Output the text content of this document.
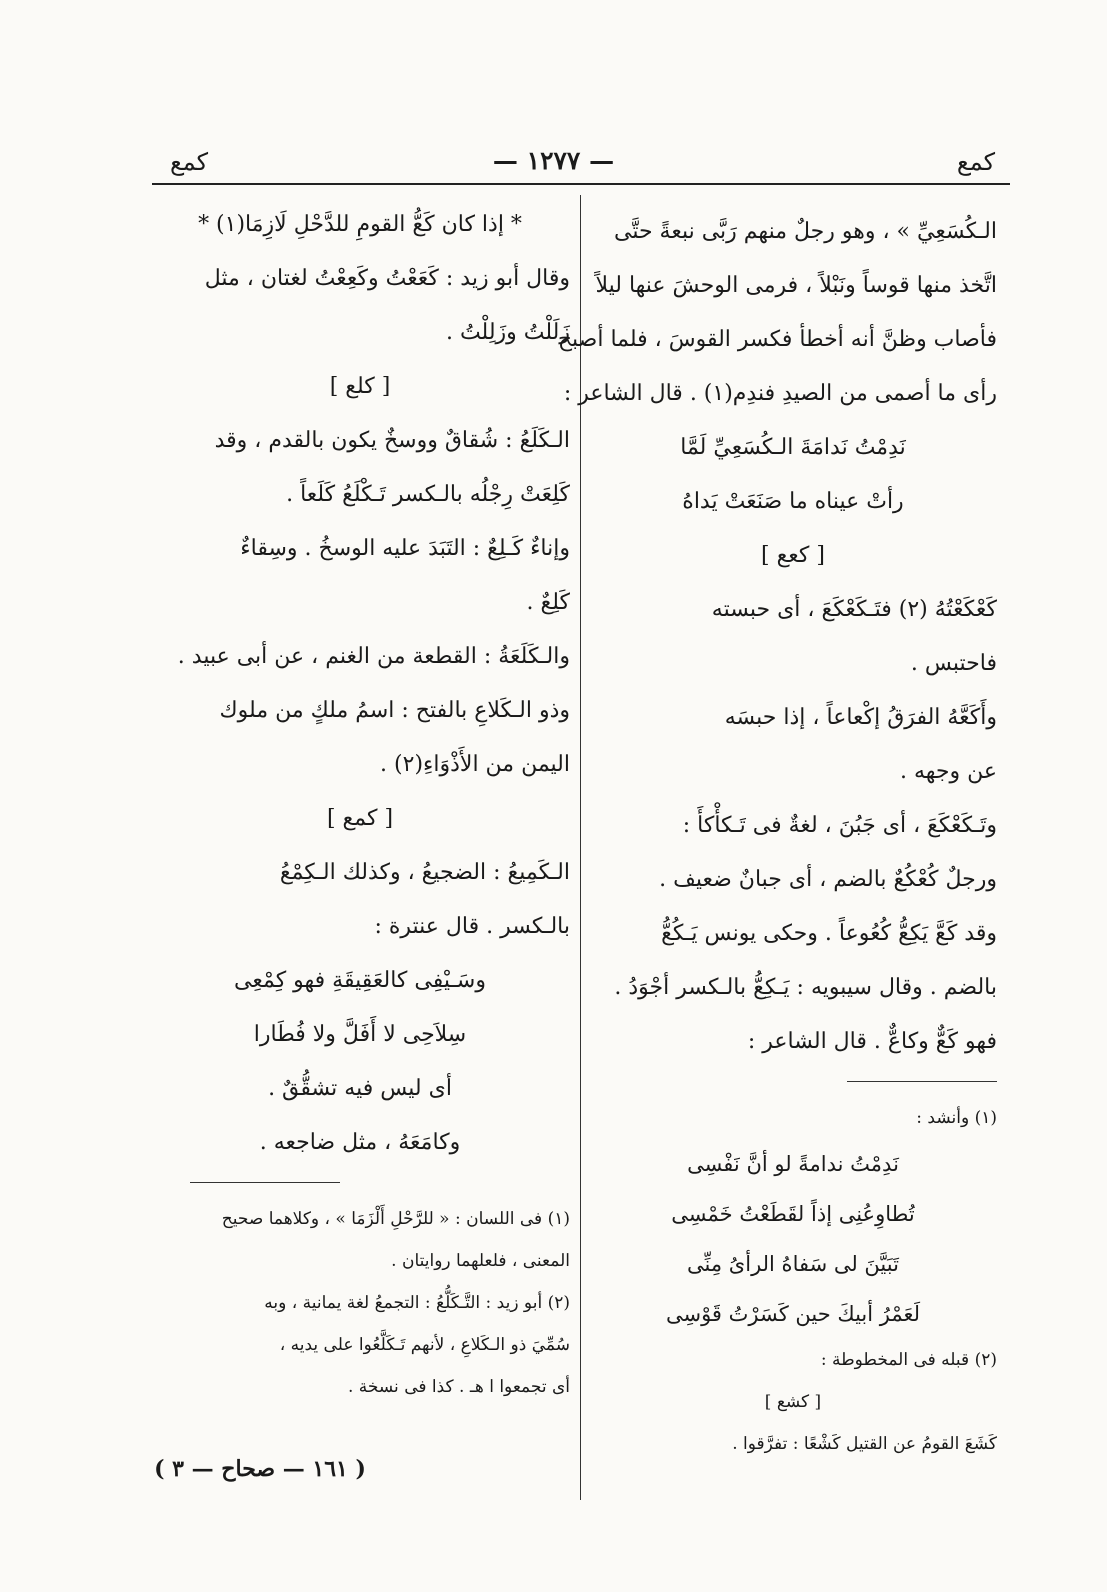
كمع
— ١٢٧٧ —
كمع
الـكُسَعِيِّ » ، وهو رجلٌ منهم رَبَّى نبعةً حتَّى
اتَّخذ منها قوساً ونَبْلاً ، فرمى الوحشَ عنها ليلاً
فأصاب وظنَّ أنه أخطأ فكسر القوسَ ، فلما أصبح
رأى ما أصمى من الصيدِ فندِم(١) . قال الشاعر :
نَدِمْتُ نَدامَةَ الـكُسَعِيِّ لَمَّا
رأتْ عيناه ما صَنَعَتْ يَداهُ
[ كعع ]
كَعْكَعْتُهُ (٢) فتَـكَعْكَعَ ، أى حبسته
فاحتبس .
وأَكَعَّهُ الفرَقُ إكْعاعاً ، إذا حبسَه
عن وجهه .
وتَـكَعْكَعَ ، أى جَبُنَ ، لغةٌ فى تَـكأْكأَ :
ورجلٌ كُعْكُعٌ بالضم ، أى جبانٌ ضعيف .
وقد كَعَّ يَكِعُّ كُعُوعاً . وحكى يونس يَـكُعُّ
بالضم . وقال سيبويه : يَـكِعُّ بالـكسر أجْوَدُ .
فهو كَعٌّ وكاعٌّ . قال الشاعر :
(١) وأنشد :
نَدِمْتُ ندامةً لو أنَّ نَفْسِى
تُطاوِعُنِى إذاً لقَطَعْتُ خَمْسِى
تَبَيَّنَ لى سَفاهُ الرأىُ مِنِّى
لَعَمْرُ أبيكَ حين كَسَرْتُ قَوْسِى
(٢) قبله فى المخطوطة :
[ كشع ]
كَشَعَ القومُ عن القتيل كَشْعًا : تفرَّقوا .
* إذا كان كَعُّ القومِ للدَّحْلِ لَازِمَا(١) *
وقال أبو زيد : كَعَعْتُ وكَعِعْتُ لغتان ، مثل
زَلَلْتُ وزَلِلْتُ .
[ كلع ]
الـكَلَعُ : شُقاقٌ ووسخٌ يكون بالقدم ، وقد
كَلِعَتْ رِجْلُه بالـكسر تَـكْلَعُ كَلَعاً .
وإناءٌ كَـلِعٌ : التَبَدَ عليه الوسخُ . وسِقاءٌ
كَلِعٌ .
والـكَلَعَةُ : القطعة من الغنم ، عن أبى عبيد .
وذو الـكَلاعِ بالفتح : اسمُ ملكٍ من ملوك
اليمن من الأَذْوَاءِ(٢) .
[ كمع ]
الـكَمِيعُ : الضجيعُ ، وكذلك الـكِمْعُ
بالـكسر . قال عنترة :
وسَـيْفِى كالعَقِيقَةِ فهو كِمْعِى
سِلاَحِى لا أَفَلَّ ولا فُطَارا
أى ليس فيه تشقُّقٌ .
وكامَعَهُ ، مثل ضاجعه .
(١) فى اللسان : « للرَّحْلِ أَلْزَمَا » ، وكلاهما صحيح
المعنى ، فلعلهما روايتان .
(٢) أبو زيد : التَّـكَلُّعُ : التجمعُ لغة يمانية ، وبه
سُمِّيَ ذو الـكَلاعِ ، لأنهم تَـكَلَّعُوا على يديه ،
أى تجمعوا ا هـ . كذا فى نسخة .
( ١٦١ — صحاح — ٣ )
